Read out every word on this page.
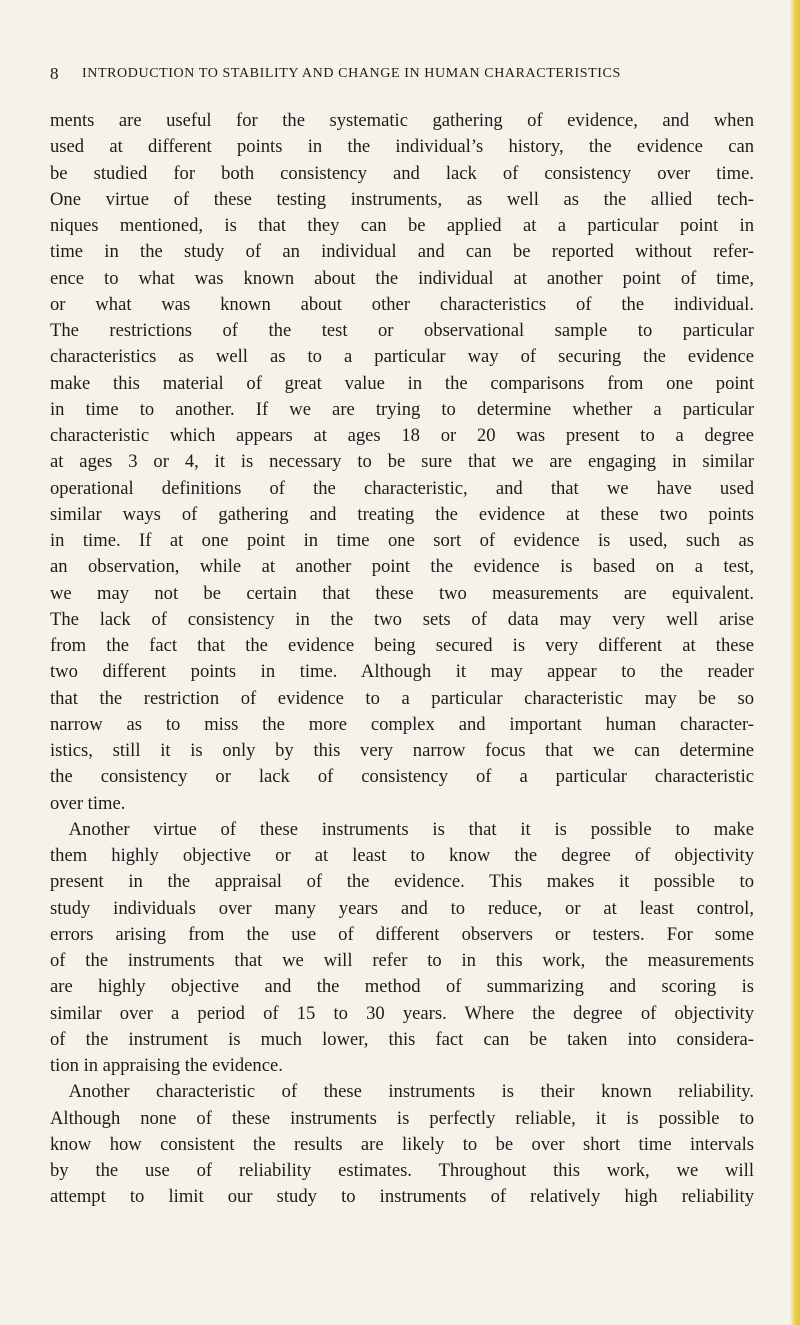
8 INTRODUCTION TO STABILITY AND CHANGE IN HUMAN CHARACTERISTICS
ments are useful for the systematic gathering of evidence, and when
used at different points in the individual’s history, the evidence can
be studied for both consistency and lack of consistency over time.
One virtue of these testing instruments, as well as the allied tech-
niques mentioned, is that they can be applied at a particular point in
time in the study of an individual and can be reported without refer-
ence to what was known about the individual at another point of time,
or what was known about other characteristics of the individual.
The restrictions of the test or observational sample to particular
characteristics as well as to a particular way of securing the evidence
make this material of great value in the comparisons from one point
in time to another. If we are trying to determine whether a particular
characteristic which appears at ages 18 or 20 was present to a degree
at ages 3 or 4, it is necessary to be sure that we are engaging in similar
operational definitions of the characteristic, and that we have used
similar ways of gathering and treating the evidence at these two points
in time. If at one point in time one sort of evidence is used, such as
an observation, while at another point the evidence is based on a test,
we may not be certain that these two measurements are equivalent.
The lack of consistency in the two sets of data may very well arise
from the fact that the evidence being secured is very different at these
two different points in time. Although it may appear to the reader
that the restriction of evidence to a particular characteristic may be so
narrow as to miss the more complex and important human character-
istics, still it is only by this very narrow focus that we can determine
the consistency or lack of consistency of a particular characteristic
over time.
 Another virtue of these instruments is that it is possible to make
them highly objective or at least to know the degree of objectivity
present in the appraisal of the evidence. This makes it possible to
study individuals over many years and to reduce, or at least control,
errors arising from the use of different observers or testers. For some
of the instruments that we will refer to in this work, the measurements
are highly objective and the method of summarizing and scoring is
similar over a period of 15 to 30 years. Where the degree of objectivity
of the instrument is much lower, this fact can be taken into considera-
tion in appraising the evidence.
 Another characteristic of these instruments is their known reliability.
Although none of these instruments is perfectly reliable, it is possible to
know how consistent the results are likely to be over short time intervals
by the use of reliability estimates. Throughout this work, we will
attempt to limit our study to instruments of relatively high reliability
